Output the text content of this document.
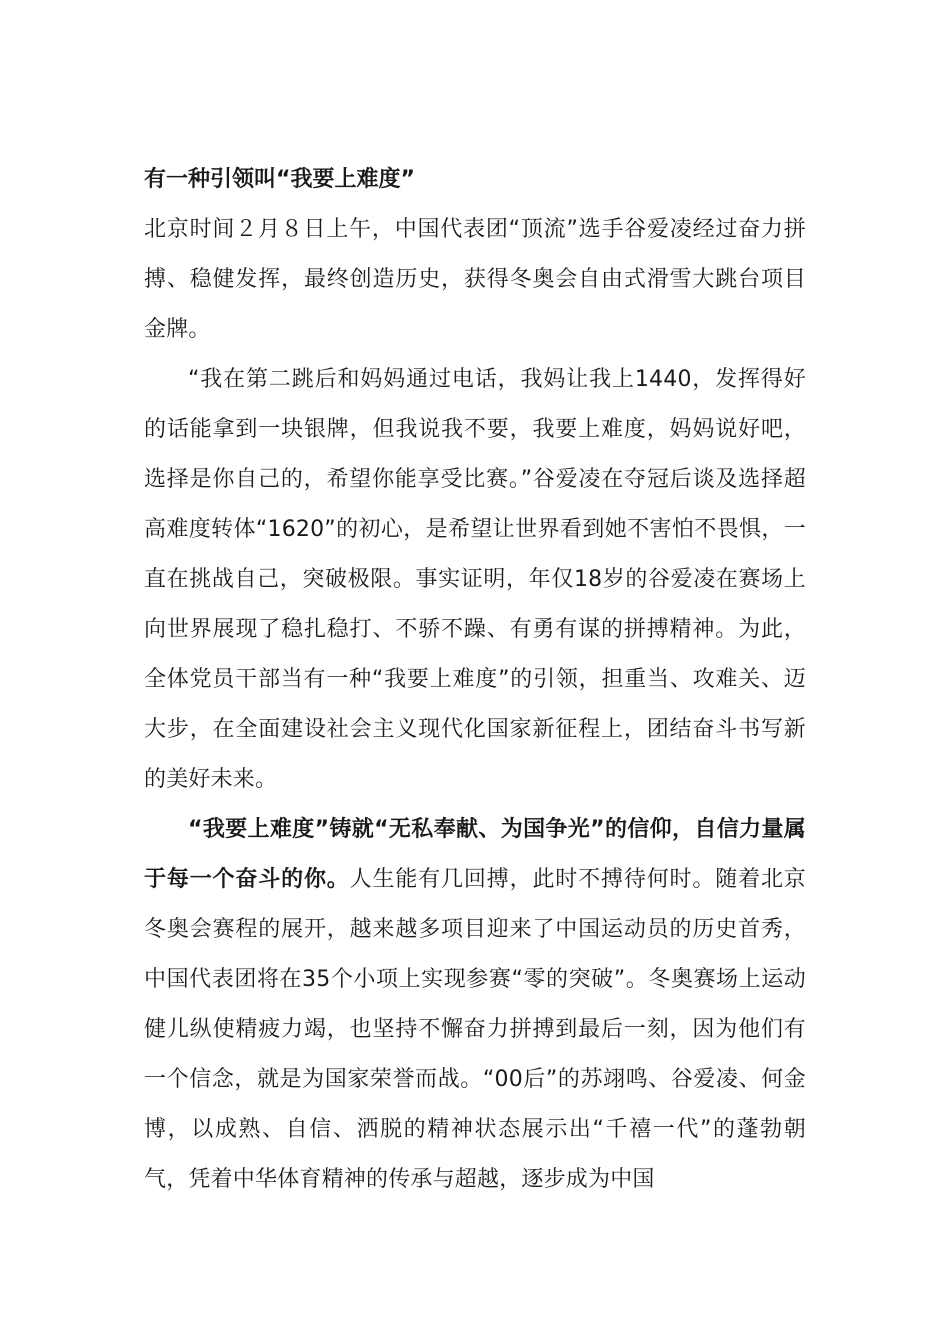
有一种引领叫“我要上难度”

北京时间２月８日上午，中国代表团“顶流”选手谷爱凌经过奋力拼搏、稳健发挥，最终创造历史，获得冬奥会自由式滑雪大跳台项目金牌。

“我在第二跳后和妈妈通过电话，我妈让我上1440，发挥得好的话能拿到一块银牌，但我说我不要，我要上难度，妈妈说好吧，选择是你自己的，希望你能享受比赛。”谷爱凌在夺冠后谈及选择超高难度转体“1620”的初心，是希望让世界看到她不害怕不畏惧，一直在挑战自己，突破极限。事实证明，年仅18岁的谷爱凌在赛场上向世界展现了稳扎稳打、不骄不躁、有勇有谋的拼搏精神。为此，全体党员干部当有一种“我要上难度”的引领，担重当、攻难关、迈大步，在全面建设社会主义现代化国家新征程上，团结奋斗书写新的美好未来。

“我要上难度”铸就“无私奉献、为国争光”的信仰，自信力量属于每一个奋斗的你。人生能有几回搏，此时不搏待何时。随着北京冬奥会赛程的展开，越来越多项目迎来了中国运动员的历史首秀，中国代表团将在35个小项上实现参赛“零的突破”。冬奥赛场上运动健儿纵使精疲力竭，也坚持不懈奋力拼搏到最后一刻，因为他们有一个信念，就是为国家荣誉而战。“00后”的苏翊鸣、谷爱凌、何金博，以成熟、自信、洒脱的精神状态展示出“千禧一代”的蓬勃朝气，凭着中华体育精神的传承与超越，逐步成为中国
